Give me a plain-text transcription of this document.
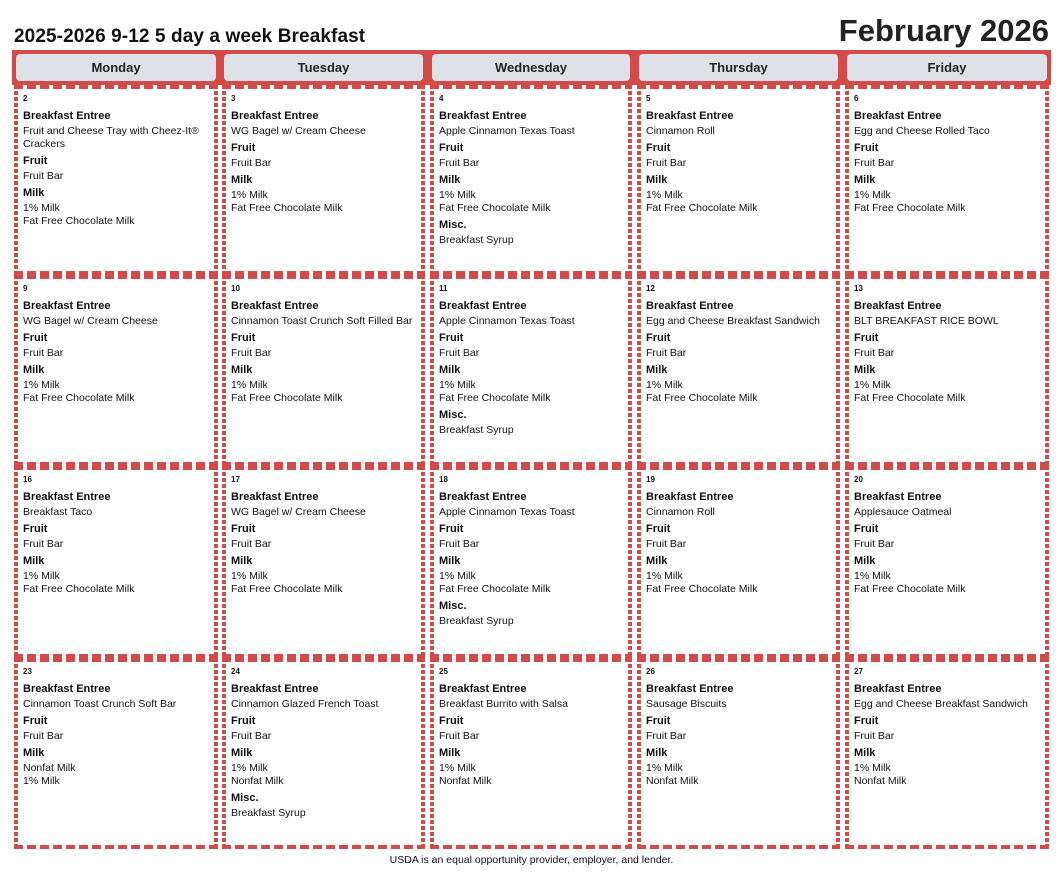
2025-2026 9-12 5 day a week Breakfast	February 2026
Monday	Tuesday	Wednesday	Thursday	Friday
2
Breakfast Entree
Fruit and Cheese Tray with Cheez-It® Crackers
Fruit
Fruit Bar
Milk
1% Milk
Fat Free Chocolate Milk
3
Breakfast Entree
WG Bagel w/ Cream Cheese
Fruit
Fruit Bar
Milk
1% Milk
Fat Free Chocolate Milk
4
Breakfast Entree
Apple Cinnamon Texas Toast
Fruit
Fruit Bar
Milk
1% Milk
Fat Free Chocolate Milk
Misc.
Breakfast Syrup
5
Breakfast Entree
Cinnamon Roll
Fruit
Fruit Bar
Milk
1% Milk
Fat Free Chocolate Milk
6
Breakfast Entree
Egg and Cheese Rolled Taco
Fruit
Fruit Bar
Milk
1% Milk
Fat Free Chocolate Milk
9
Breakfast Entree
WG Bagel w/ Cream Cheese
Fruit
Fruit Bar
Milk
1% Milk
Fat Free Chocolate Milk
10
Breakfast Entree
Cinnamon Toast Crunch Soft Filled Bar
Fruit
Fruit Bar
Milk
1% Milk
Fat Free Chocolate Milk
11
Breakfast Entree
Apple Cinnamon Texas Toast
Fruit
Fruit Bar
Milk
1% Milk
Fat Free Chocolate Milk
Misc.
Breakfast Syrup
12
Breakfast Entree
Egg and Cheese Breakfast Sandwich
Fruit
Fruit Bar
Milk
1% Milk
Fat Free Chocolate Milk
13
Breakfast Entree
BLT BREAKFAST RICE BOWL
Fruit
Fruit Bar
Milk
1% Milk
Fat Free Chocolate Milk
16
Breakfast Entree
Breakfast Taco
Fruit
Fruit Bar
Milk
1% Milk
Fat Free Chocolate Milk
17
Breakfast Entree
WG Bagel w/ Cream Cheese
Fruit
Fruit Bar
Milk
1% Milk
Fat Free Chocolate Milk
18
Breakfast Entree
Apple Cinnamon Texas Toast
Fruit
Fruit Bar
Milk
1% Milk
Fat Free Chocolate Milk
Misc.
Breakfast Syrup
19
Breakfast Entree
Cinnamon Roll
Fruit
Fruit Bar
Milk
1% Milk
Fat Free Chocolate Milk
20
Breakfast Entree
Applesauce Oatmeal
Fruit
Fruit Bar
Milk
1% Milk
Fat Free Chocolate Milk
23
Breakfast Entree
Cinnamon Toast Crunch Soft Bar
Fruit
Fruit Bar
Milk
Nonfat Milk
1% Milk
24
Breakfast Entree
Cinnamon Glazed French Toast
Fruit
Fruit Bar
Milk
1% Milk
Nonfat Milk
Misc.
Breakfast Syrup
25
Breakfast Entree
Breakfast Burrito with Salsa
Fruit
Fruit Bar
Milk
1% Milk
Nonfat Milk
26
Breakfast Entree
Sausage Biscuits
Fruit
Fruit Bar
Milk
1% Milk
Nonfat Milk
27
Breakfast Entree
Egg and Cheese Breakfast Sandwich
Fruit
Fruit Bar
Milk
1% Milk
Nonfat Milk
USDA is an equal opportunity provider, employer, and lender.
